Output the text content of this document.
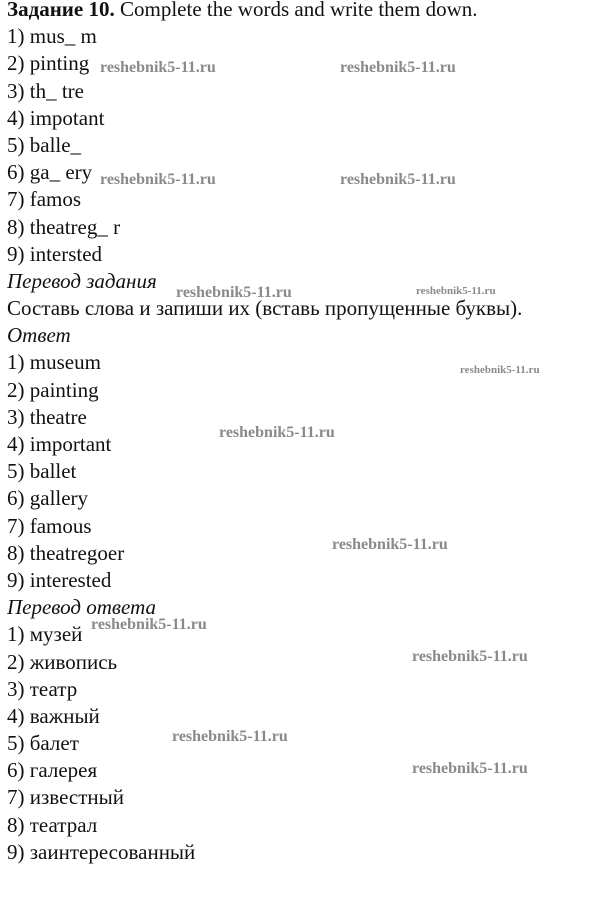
Задание 10. Complete the words and write them down.
1) mus_ m
2) pinting
3) th_ tre
4) impotant
5) balle_
6) ga_ ery
7) famos
8) theatreg_ r
9) intersted
Перевод задания
Составь слова и запиши их (вставь пропущенные буквы).
Ответ
1) museum
2) painting
3) theatre
4) important
5) ballet
6) gallery
7) famous
8) theatregoer
9) interested
Перевод ответа
1) музей
2) живопись
3) театр
4) важный
5) балет
6) галерея
7) известный
8) театрал
9) заинтересованный
reshebnik5-11.ru	reshebnik5-11.ru
reshebnik5-11.ru	reshebnik5-11.ru
reshebnik5-11.ru	reshebnik5-11.ru
reshebnik5-11.ru
reshebnik5-11.ru
reshebnik5-11.ru
reshebnik5-11.ru
reshebnik5-11.ru
reshebnik5-11.ru
reshebnik5-11.ru
